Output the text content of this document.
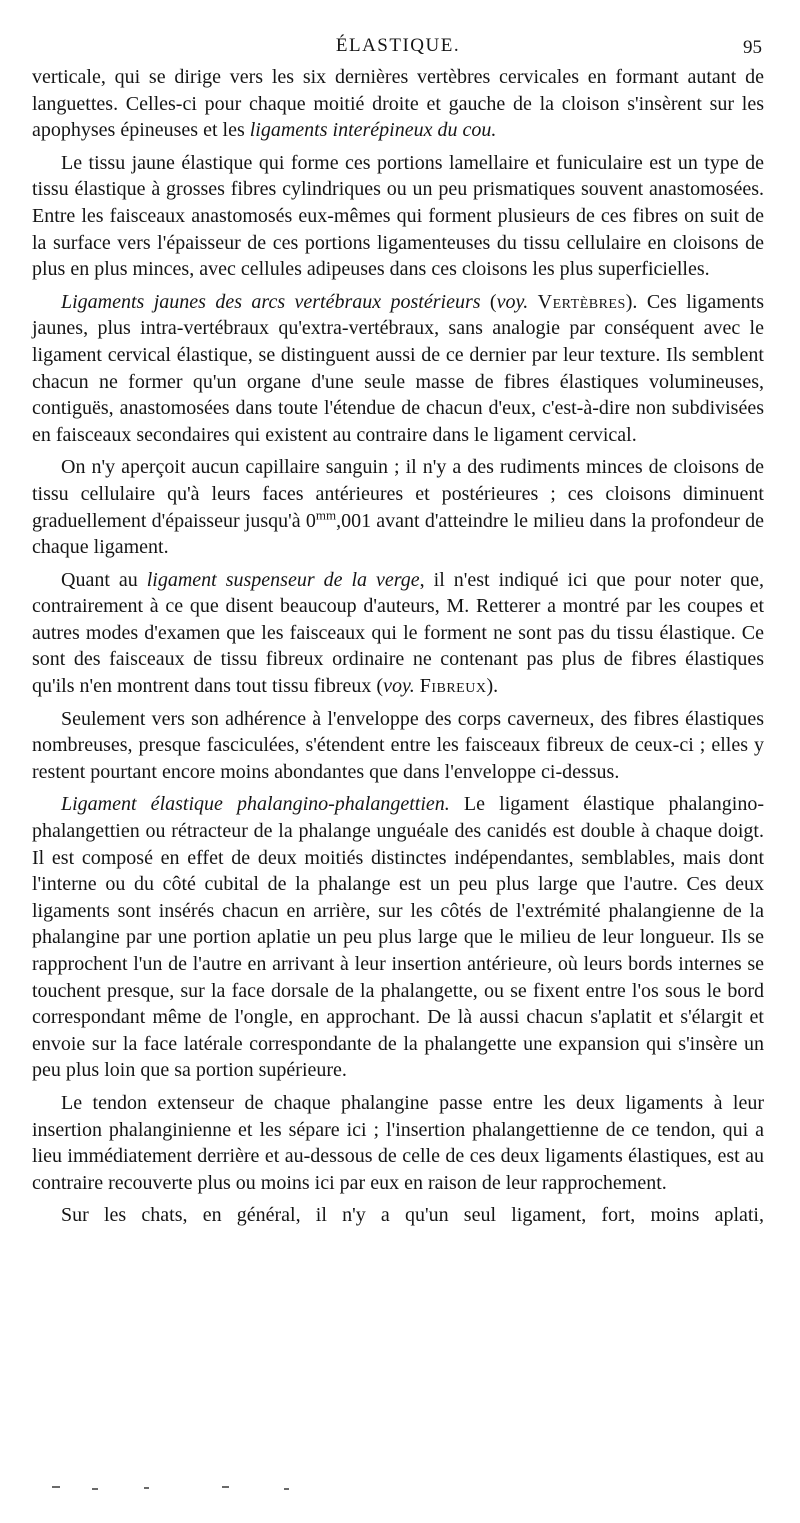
ÉLASTIQUE.	95

verticale, qui se dirige vers les six dernières vertèbres cervicales en formant autant de languettes. Celles-ci pour chaque moitié droite et gauche de la cloison s'insèrent sur les apophyses épineuses et les ligaments interépineux du cou.

Le tissu jaune élastique qui forme ces portions lamellaire et funiculaire est un type de tissu élastique à grosses fibres cylindriques ou un peu prismatiques souvent anastomosées. Entre les faisceaux anastomosés eux-mêmes qui forment plusieurs de ces fibres on suit de la surface vers l'épaisseur de ces portions ligamenteuses du tissu cellulaire en cloisons de plus en plus minces, avec cellules adipeuses dans ces cloisons les plus superficielles.

Ligaments jaunes des arcs vertébraux postérieurs (voy. Vertèbres). Ces ligaments jaunes, plus intra-vertébraux qu'extra-vertébraux, sans analogie par conséquent avec le ligament cervical élastique, se distinguent aussi de ce dernier par leur texture. Ils semblent chacun ne former qu'un organe d'une seule masse de fibres élastiques volumineuses, contiguës, anastomosées dans toute l'étendue de chacun d'eux, c'est-à-dire non subdivisées en faisceaux secondaires qui existent au contraire dans le ligament cervical.

On n'y aperçoit aucun capillaire sanguin ; il n'y a des rudiments minces de cloisons de tissu cellulaire qu'à leurs faces antérieures et postérieures ; ces cloisons diminuent graduellement d'épaisseur jusqu'à $0^{mm},001$ avant d'atteindre le milieu dans la profondeur de chaque ligament.

Quant au ligament suspenseur de la verge, il n'est indiqué ici que pour noter que, contrairement à ce que disent beaucoup d'auteurs, M. Retterer a montré par les coupes et autres modes d'examen que les faisceaux qui le forment ne sont pas du tissu élastique. Ce sont des faisceaux de tissu fibreux ordinaire ne contenant pas plus de fibres élastiques qu'ils n'en montrent dans tout tissu fibreux (voy. Fibreux).

Seulement vers son adhérence à l'enveloppe des corps caverneux, des fibres élastiques nombreuses, presque fasciculées, s'étendent entre les faisceaux fibreux de ceux-ci ; elles y restent pourtant encore moins abondantes que dans l'enveloppe ci-dessus.

Ligament élastique phalangino-phalangettien. Le ligament élastique phalangino-phalangettien ou rétracteur de la phalange unguéale des canidés est double à chaque doigt. Il est composé en effet de deux moitiés distinctes indépendantes, semblables, mais dont l'interne ou du côté cubital de la phalange est un peu plus large que l'autre. Ces deux ligaments sont insérés chacun en arrière, sur les côtés de l'extrémité phalangienne de la phalangine par une portion aplatie un peu plus large que le milieu de leur longueur. Ils se rapprochent l'un de l'autre en arrivant à leur insertion antérieure, où leurs bords internes se touchent presque, sur la face dorsale de la phalangette, ou se fixent entre l'os sous le bord correspondant même de l'ongle, en approchant. De là aussi chacun s'aplatit et s'élargit et envoie sur la face latérale correspondante de la phalangette une expansion qui s'insère un peu plus loin que sa portion supérieure.

Le tendon extenseur de chaque phalangine passe entre les deux ligaments à leur insertion phalanginienne et les sépare ici ; l'insertion phalangettienne de ce tendon, qui a lieu immédiatement derrière et au-dessous de celle de ces deux ligaments élastiques, est au contraire recouverte plus ou moins ici par eux en raison de leur rapprochement.

Sur les chats, en général, il n'y a qu'un seul ligament, fort, moins aplati,
